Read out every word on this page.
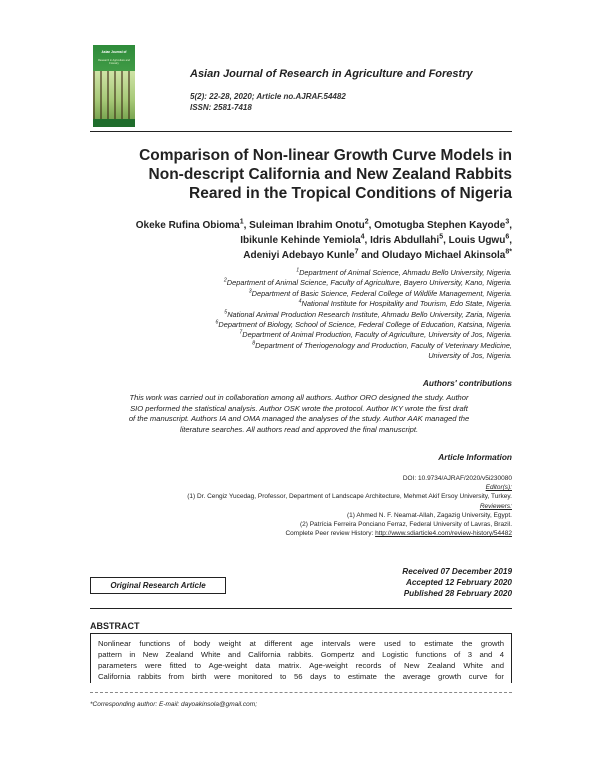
Asian Journal of
Research in Agriculture and Forestry
Asian Journal of Research in Agriculture and Forestry
5(2): 22-28, 2020; Article no.AJRAF.54482
ISSN: 2581-7418
Comparison of Non-linear Growth Curve Models in
Non-descript California and New Zealand Rabbits
Reared in the Tropical Conditions of Nigeria
Okeke Rufina Obioma$^1$, Suleiman Ibrahim Onotu$^2$, Omotugba Stephen Kayode$^3$,
Ibikunle Kehinde Yemiola$^4$, Idris Abdullahi$^5$, Louis Ugwu$^6$,
Adeniyi Adebayo Kunle$^7$ and Oludayo Michael Akinsola$^{8*}$
$^1$Department of Animal Science, Ahmadu Bello University, Nigeria.
$^2$Department of Animal Science, Faculty of Agriculture, Bayero University, Kano, Nigeria.
$^3$Department of Basic Science, Federal College of Wildlife Management, Nigeria.
$^4$National Institute for Hospitality and Tourism, Edo State, Nigeria.
$^5$National Animal Production Research Institute, Ahmadu Bello University, Zaria, Nigeria.
$^6$Department of Biology, School of Science, Federal College of Education, Katsina, Nigeria.
$^7$Department of Animal Production, Faculty of Agriculture, University of Jos, Nigeria.
$^8$Department of Theriogenology and Production, Faculty of Veterinary Medicine,
University of Jos, Nigeria.
Authors' contributions
This work was carried out in collaboration among all authors. Author ORO designed the study. Author
SIO performed the statistical analysis. Author OSK wrote the protocol. Author IKY wrote the first draft
of the manuscript. Authors IA and OMA managed the analyses of the study. Author AAK managed the
literature searches. All authors read and approved the final manuscript.
Article Information
DOI: 10.9734/AJRAF/2020/v5i230080
Editor(s):
(1) Dr. Cengiz Yucedag, Professor, Department of Landscape Architecture, Mehmet Akif Ersoy University, Turkey.
Reviewers:
(1) Ahmed N. F. Neamat-Allah, Zagazig University, Egypt.
(2) Patrícia Ferreira Ponciano Ferraz, Federal University of Lavras, Brazil.
Complete Peer review History: http://www.sdiarticle4.com/review-history/54482
Received 07 December 2019
Accepted 12 February 2020
Published 28 February 2020
Original Research Article
ABSTRACT
Nonlinear functions of body weight at different age intervals were used to estimate the growth
pattern in New Zealand White and California rabbits. Gompertz and Logistic functions of 3 and 4
parameters were fitted to Age-weight data matrix. Age-weight records of New Zealand White and
California rabbits from birth were monitored to 56 days to estimate the average growth curve for
*Corresponding author: E-mail: dayoakinsola@gmail.com;
